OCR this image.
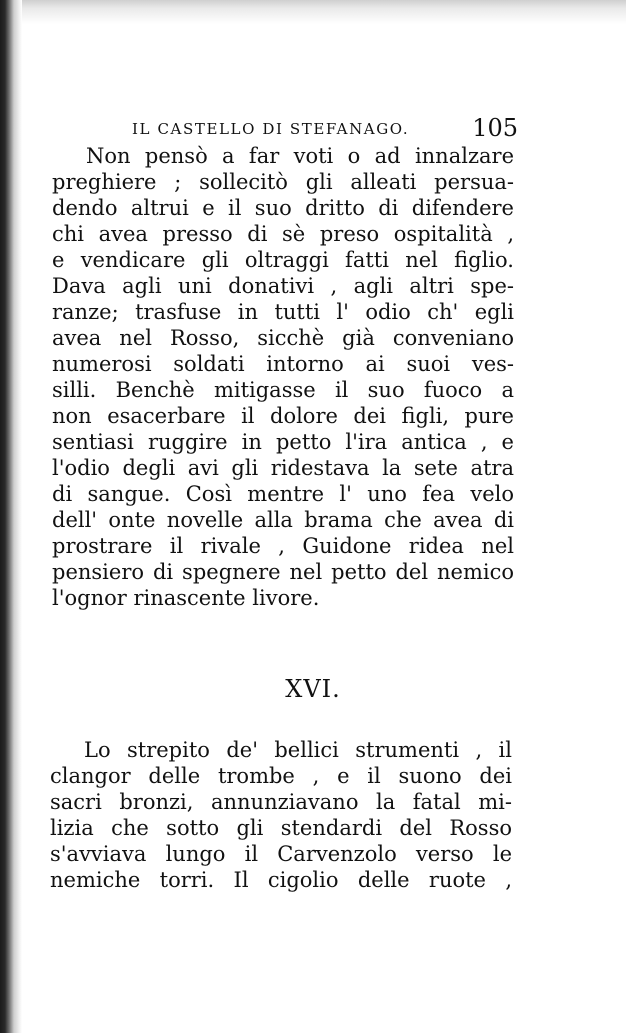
IL CASTELLO DI STEFANAGO.	105
Non pensò a far voti o ad innalzare
preghiere ; sollecitò gli alleati persua-
dendo altrui e il suo dritto di difendere
chi avea presso di sè preso ospitalità ,
e vendicare gli oltraggi fatti nel figlio.
Dava agli uni donativi , agli altri spe-
ranze; trasfuse in tutti l' odio ch' egli
avea nel Rosso, sicchè già conveniano
numerosi soldati intorno ai suoi ves-
silli. Benchè mitigasse il suo fuoco a
non esacerbare il dolore dei figli, pure
sentiasi ruggire in petto l'ira antica , e
l'odio degli avi gli ridestava la sete atra
di sangue. Così mentre l' uno fea velo
dell' onte novelle alla brama che avea di
prostrare il rivale , Guidone ridea nel
pensiero di spegnere nel petto del nemico
l'ognor rinascente livore.
XVI.
Lo strepito de' bellici strumenti , il
clangor delle trombe , e il suono dei
sacri bronzi, annunziavano la fatal mi-
lizia che sotto gli stendardi del Rosso
s'avviava lungo il Carvenzolo verso le
nemiche torri. Il cigolio delle ruote ,
